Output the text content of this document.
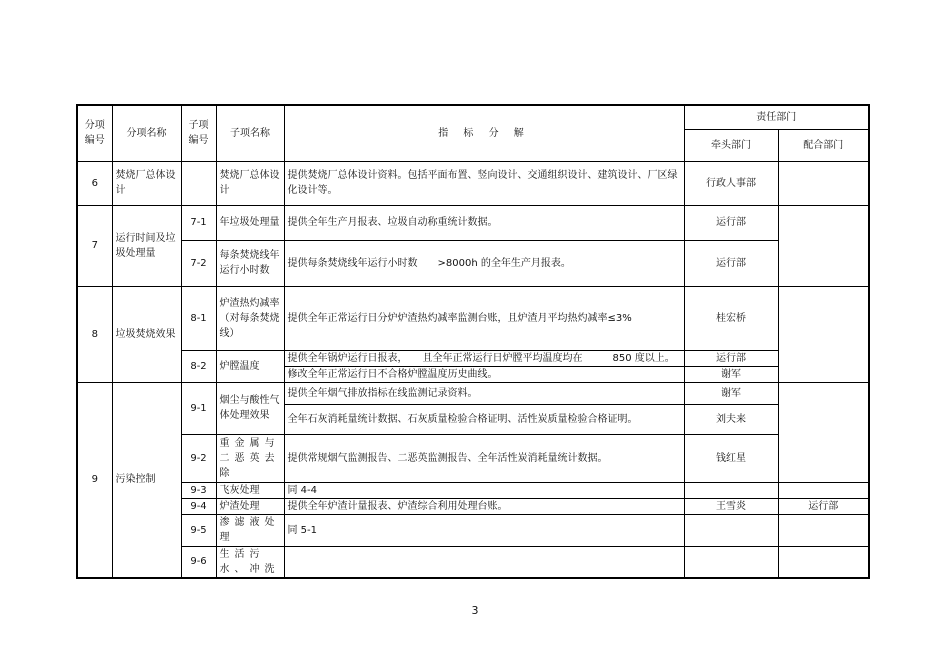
分项编号	分项名称	子项编号	子项名称	指 标 分 解	责任部门	
					牵头部门	配合部门
6	焚烧厂总体设计		焚烧厂总体设计	提供焚烧厂总体设计资料。包括平面布置、竖向设计、交通组织设计、建筑设计、厂区绿化设计等。	行政人事部	
7	运行时间及垃圾处理量	7-1	年垃圾处理量	提供全年生产月报表、垃圾自动称重统计数据。	运行部	
		7-2	每条焚烧线年运行小时数	提供每条焚烧线年运行小时数　　>8000h 的全年生产月报表。	运行部	
8	垃圾焚烧效果	8-1	炉渣热灼减率（对每条焚烧线）	提供全年正常运行日分炉炉渣热灼减率监测台账，且炉渣月平均热灼减率≤3%	桂宏桥	
		8-2	炉膛温度	提供全年锅炉运行日报表，　　且全年正常运行日炉膛平均温度均在　　　850 度以上。	运行部	
				修改全年正常运行日不合格炉膛温度历史曲线。	谢军	
9	污染控制	9-1	烟尘与酸性气体处理效果	提供全年烟气排放指标在线监测记录资料。	谢军	
				全年石灰消耗量统计数据、石灰质量检验合格证明、活性炭质量检验合格证明。	刘夫来	
		9-2	重金属与二恶英去除	提供常规烟气监测报告、二恶英监测报告、全年活性炭消耗量统计数据。	钱红星	
		9-3	飞灰处理	同 4-4		
		9-4	炉渣处理	提供全年炉渣计量报表、炉渣综合利用处理台账。	王雪炎	运行部
		9-5	渗滤液处理	同 5-1		
		9-6	生活污水、冲洗			
3
